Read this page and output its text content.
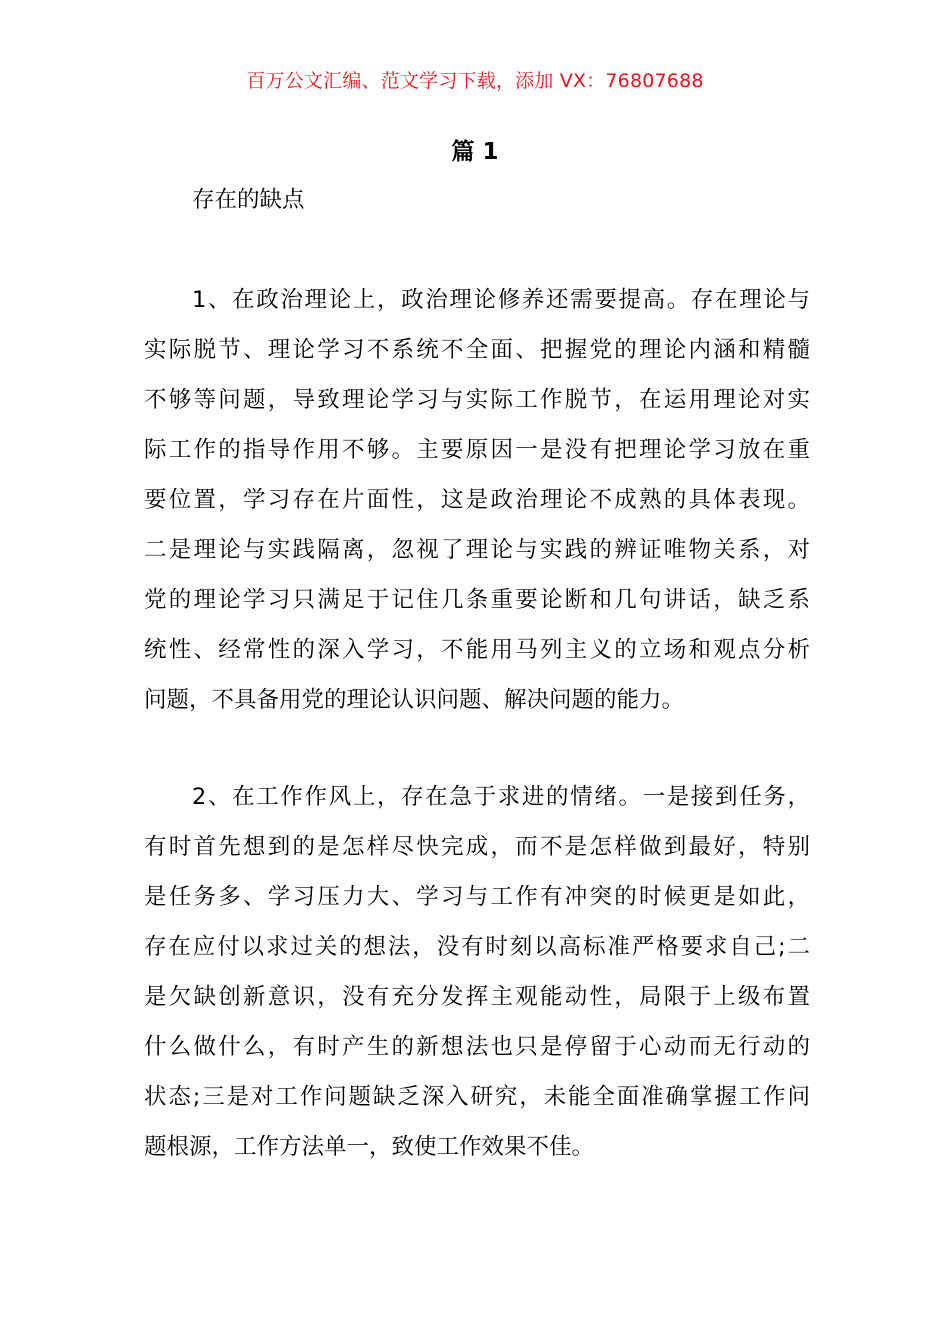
百万公文汇编、范文学习下载，添加 VX：76807688
篇 1
存在的缺点
1、在政治理论上，政治理论修养还需要提高。存在理论与
实际脱节、理论学习不系统不全面、把握党的理论内涵和精髓
不够等问题，导致理论学习与实际工作脱节，在运用理论对实
际工作的指导作用不够。主要原因一是没有把理论学习放在重
要位置，学习存在片面性，这是政治理论不成熟的具体表现。
二是理论与实践隔离，忽视了理论与实践的辨证唯物关系，对
党的理论学习只满足于记住几条重要论断和几句讲话，缺乏系
统性、经常性的深入学习，不能用马列主义的立场和观点分析
问题，不具备用党的理论认识问题、解决问题的能力。
2、在工作作风上，存在急于求进的情绪。一是接到任务，
有时首先想到的是怎样尽快完成，而不是怎样做到最好，特别
是任务多、学习压力大、学习与工作有冲突的时候更是如此，
存在应付以求过关的想法，没有时刻以高标准严格要求自己;二
是欠缺创新意识，没有充分发挥主观能动性，局限于上级布置
什么做什么，有时产生的新想法也只是停留于心动而无行动的
状态;三是对工作问题缺乏深入研究，未能全面准确掌握工作问
题根源，工作方法单一，致使工作效果不佳。
